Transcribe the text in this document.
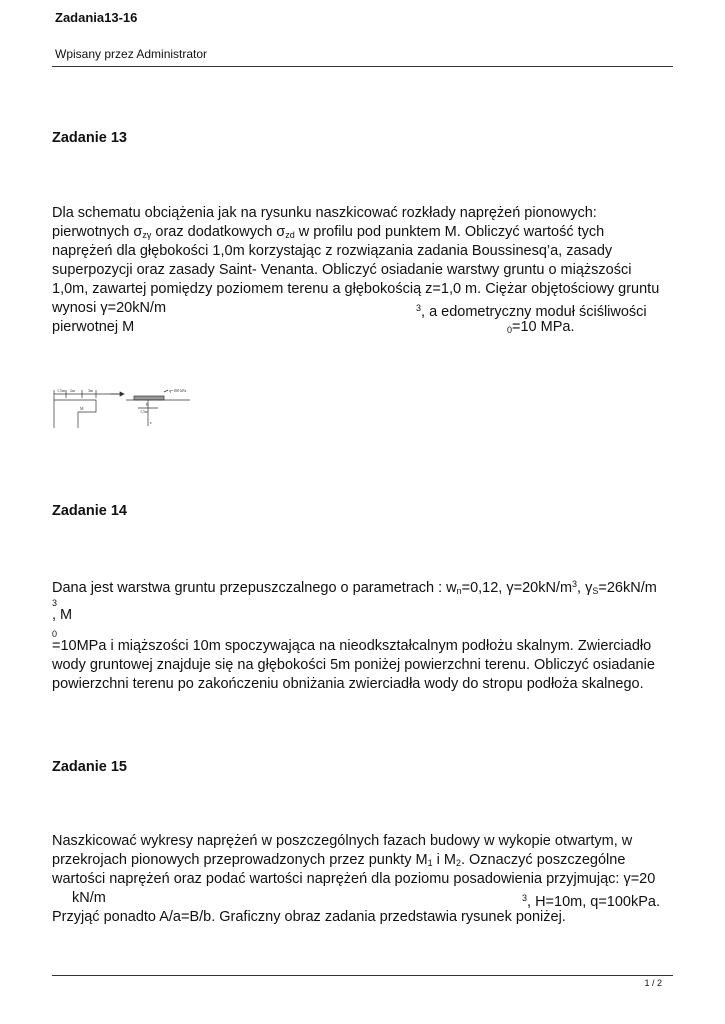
Zadania13-16
Wpisany przez Administrator
Zadanie 13
Dla schematu obciążenia jak na rysunku naszkicować rozkłady naprężeń pionowych:
pierwotnych $\sigma_{z\gamma}$ oraz dodatkowych $\sigma_{zd}$ w profilu pod punktem M. Obliczyć wartość tych
naprężeń dla głębokości 1,0m korzystając z rozwiązania zadania Boussinesq’a, zasady
superpozycji oraz zasady Saint- Venanta. Obliczyć osiadanie warstwy gruntu o miąższości
1,0m, zawartej pomiędzy poziomem terenu a głębokością z=1,0 m. Ciężar objętościowy gruntu
wynosi γ=20kN/m	$^3$, a edometryczny moduł ściśliwości
pierwotnej M	$_0$=10 MPa.
1,5m 2m	3m	q=100 kPa
M
B
1,5m
z
Zadanie 14
Dana jest warstwa gruntu przepuszczalnego o parametrach : $w_n=0,12$, $\gamma=20kN/m^3$, $\gamma_S=26kN/m$
3
, M
0
=10MPa i miąższości 10m spoczywająca na nieodkształcalnym podłożu skalnym. Zwierciadło
wody gruntowej znajduje się na głębokości 5m poniżej powierzchni terenu. Obliczyć osiadanie
powierzchni terenu po zakończeniu obniżania zwierciadła wody do stropu podłoża skalnego.
Zadanie 15
Naszkicować wykresy naprężeń w poszczególnych fazach budowy w wykopie otwartym, w
przekrojach pionowych przeprowadzonych przez punkty $M_1$ i $M_2$. Oznaczyć poszczególne
wartości naprężeń oraz podać wartości naprężeń dla poziomu posadowienia przyjmując: γ=20
kN/m	$^3$, H=10m, q=100kPa.
Przyjąć ponadto A/a=B/b. Graficzny obraz zadania przedstawia rysunek poniżej.
1 / 2
